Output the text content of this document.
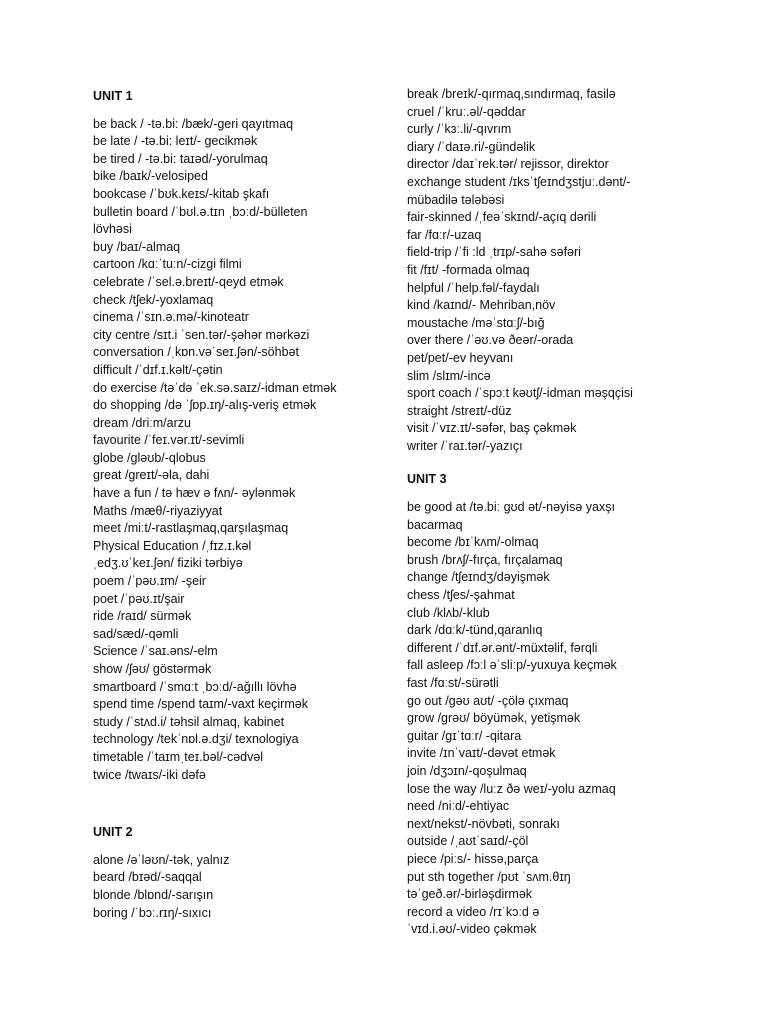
UNIT 1
be back / -tə.bi: /bæk/-geri qayıtmaq
be late / -tə.bi: leɪt/- gecikmək
be tired / -tə.bi: taɪəd/-yorulmaq
bike /baɪk/-velosiped
bookcase /ˈbʊk.keɪs/-kitab şkafı
bulletin board /ˈbʊl.ə.tɪn ˌbɔːd/-bülleten
lövhəsi
buy /baɪ/-almaq
cartoon /kɑːˈtuːn/-cizgi filmi
celebrate /ˈsel.ə.breɪt/-qeyd etmək
check /tʃek/-yoxlamaq
cinema /ˈsɪn.ə.mə/-kinoteatr
city centre /sɪt.i ˈsen.tər/-şəhər mərkəzi
conversation /ˌkɒn.vəˈseɪ.ʃən/-söhbət
difficult /ˈdɪf.ɪ.kəlt/-çətin
do exercise /təˈdə ˈek.sə.saɪz/-idman etmək
do shopping /də ˈʃɒp.ɪŋ/-alış-veriş etmək
dream /driːm/arzu
favourite /ˈfeɪ.vər.ɪt/-sevimli
globe /ɡləʊb/-qlobus
great /ɡreɪt/-əla, dahi
have a fun / tə hæv ə fʌn/- əylənmək
Maths /mæθ/-riyaziyyat
meet /miːt/-rastlaşmaq,qarşılaşmaq
Physical Education /ˌfɪz.ɪ.kəl
ˌedʒ.ʊˈkeɪ.ʃən/ fiziki tərbiyə
poem /ˈpəʊ.ɪm/ -şeir
poet /ˈpəʊ.ɪt/şair
ride /raɪd/ sürmək
sad/sæd/-qəmli
Science /ˈsaɪ.əns/-elm
show /ʃəʊ/ göstərmək
smartboard /ˈsmɑːt ˌbɔːd/-ağıllı lövhə
spend time /spend taɪm/-vaxt keçirmək
study /ˈstʌd.i/ təhsil almaq, kabinet
technology /tekˈnɒl.ə.dʒi/ texnologiya
timetable /ˈtaɪmˌteɪ.bəl/-cədvəl
twice /twaɪs/-iki dəfə
UNIT 2
alone /əˈləʊn/-tək, yalnız
beard /bɪəd/-saqqal
blonde /blɒnd/-sarışın
boring /ˈbɔː.rɪŋ/-sıxıcı
break /breɪk/-qırmaq,sındırmaq, fasilə
cruel /ˈkruː.əl/-qəddar
curly /ˈkɜː.li/-qıvrım
diary /ˈdaɪə.ri/-gündəlik
director /daɪˈrek.tər/ rejissor, direktor
exchange student /ɪksˈtʃeɪndʒstjuː.dənt/-
mübadilə tələbəsi
fair-skinned /ˌfeəˈskɪnd/-açıq dərili
far /fɑːr/-uzaq
field-trip /ˈfi :ld ˌtrɪp/-sahə səfəri
fit /fɪt/ -formada olmaq
helpful /ˈhelp.fəl/-faydalı
kind /kaɪnd/- Mehriban,növ
moustache /məˈstɑːʃ/-bığ
over there /ˈəʊ.və ðeər/-orada
pet/pet/-ev heyvanı
slim /slɪm/-incə
sport coach /ˈspɔːt kəʊtʃ/-idman məşqçisi
straight /streɪt/-düz
visit /ˈvɪz.ɪt/-səfər, baş çəkmək
writer /ˈraɪ.tər/-yazıçı
UNIT 3
be good at /tə.biː ɡʊd ət/-nəyisə yaxşı
bacarmaq
become /bɪˈkʌm/-olmaq
brush /brʌʃ/-fırça, fırçalamaq
change /tʃeɪndʒ/dəyişmək
chess /tʃes/-şahmat
club /klʌb/-klub
dark /dɑːk/-tünd,qaranlıq
different /ˈdɪf.ər.ənt/-müxtəlif, fərqli
fall asleep /fɔːl əˈsliːp/-yuxuya keçmək
fast /fɑːst/-sürətli
go out /ɡəʊ aʊt/ -çölə çıxmaq
grow /ɡrəʊ/ böyümək, yetişmək
guitar /ɡɪˈtɑːr/ -qitara
invite /ɪnˈvaɪt/-dəvət etmək
join /dʒɔɪn/-qoşulmaq
lose the way /luːz ðə weɪ/-yolu azmaq
need /niːd/-ehtiyac
next/nekst/-növbəti, sonrakı
outside /ˌaʊtˈsaɪd/-çöl
piece /piːs/- hissə,parça
put sth together /pʊt ˈsʌm.θɪŋ
təˈɡeð.ər/-birləşdirmək
record a video /rɪˈkɔːd ə
ˈvɪd.i.əʊ/-video çəkmək
